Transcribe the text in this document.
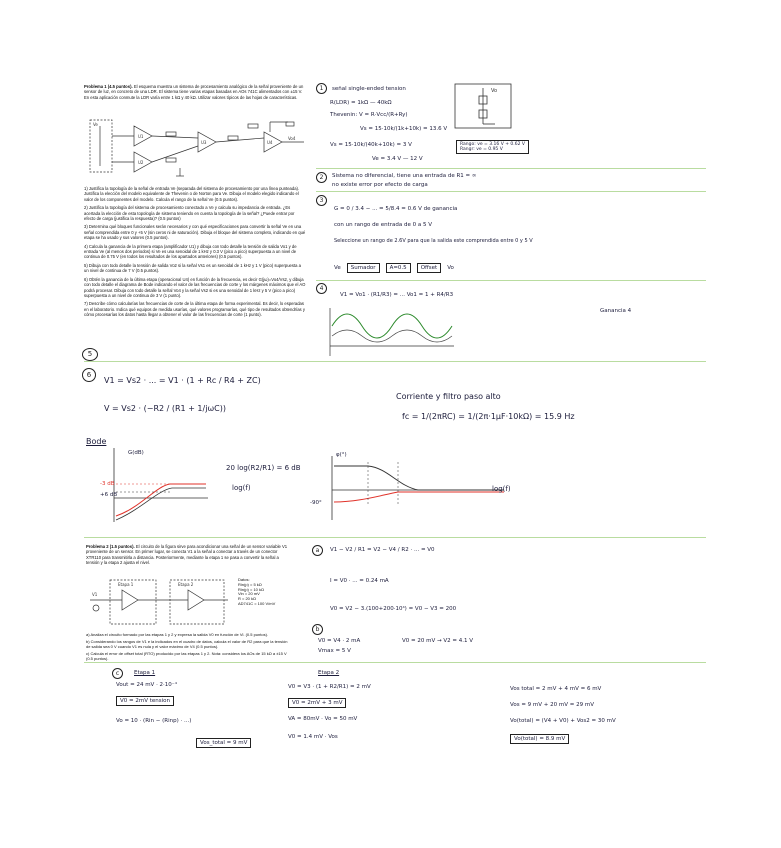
Problema 1 (4.5 puntos). El esquema muestra un sistema de procesamiento analógico de la señal proveniente de un sensor de luz, en concreto de una LDR. El sistema tiene varias etapas basadas en AOs 741C alimentados con ±15 V. En esta aplicación conmute la LDR varía entre 1 kΩ y 40 kΩ. Utilizar valores típicos de las hojas de características.
Ve
U1
U2
U3	U4
Vo4

1) Justifica la topología de la señal de entrada Ve (separada del sistema de procesamiento por una línea punteada). Justifica la elección del modelo equivalente de Thevenin o de Norton para Ve. Dibuja el modelo elegido indicando el valor de los componentes del modelo. Calcula el rango de la señal Ve (0.5 puntos).

2) Justifica la topología del sistema de procesamiento conectado a Ve y calcula su impedancia de entrada. ¿Es acertada la elección de esta topología de sistema teniendo en cuenta la topología de la señal? ¿Puede entrar por efecto de carga (justifica la respuesta)? (0.5 puntos)

3) Determina qué bloques funcionales serán necesarios y con qué especificaciones para convertir la señal Ve en una señal comprendida entre 0 y +5 V (sin ceros ni de saturación). Dibuja el bloque del sistema completo, indicando en qué etapa se ha usado y sus valores (0.5 puntos).

4) Calcula la ganancia de la primera etapa (amplificador U1) y dibuja con todo detalle la tensión de salida Vo1 y de entrada Ve (al menos dos periodos) si Ve es una senoidal de 1 kHz y 0.3 V (pico a pico) superpuesta a un nivel de continua de 0.75 V (en todos los resultados de los apartados anteriores) (0.5 puntos).

5) Dibuja con todo detalle la tensión de salida Vo2 si la señal Vs1 es un senoidal de 1 kHz y 1 V (pico) superpuesta a un nivel de continua de 7 V (0.5 puntos).

6) Obtén la ganancia de la última etapa (operacional U4) en función de la frecuencia, es decir G(jω)=Vo4/Vs2, y dibuja con todo detalle el diagrama de Bode indicando el valor de las frecuencias de corte y los márgenes máximos que el AO podrá procesar. Dibuja con todo detalle la señal Vo4 y la señal Vs2 si es una senoidal de 1 kHz y 5 V (pico a pico) superpuesta a un nivel de continua de 3 V (1 punto).

7) Describe cómo calcularías las frecuencias de corte de la última etapa de forma experimental. Es decir, lo esperadas en el laboratorio. Indica qué equipos de medida usarías, qué valores programarías, qué tipo de resultados obtendrías y cómo procesarías los datos hasta llegar a obtener el valor de las frecuencias de corte (1 punto).

1	señal single-ended tension
R(LDR) = 1kΩ — 40kΩ
Thevenin: V = R·Vcc/(R+Ry)
Vs = 15·10k/(1k+10k) = 13.6 V
Vs = 15·10k/(40k+10k) = 3 V
Ve = 3.4 V — 12 V
Vo
Rango: ve = 3.16 V + 0.62 V
Rangr: ve = 0.95 V
2	Sistema no diferencial, tiene una entrada de R1 = ∞
no existe error por efecto de carga
3
G = 0 / 3.4 − ... = 5/8.4 = 0.6 V de ganancia
con un rango de entrada de 0 a 5 V
Seleccione un rango de 2.6V para que la salida este comprendida entre 0 y 5 V
Ve	Sumador	A=0.5	Offset	Vo
4
V1 = Vo1 · (R1/R3) = ... Vo1 = 1 + R4/R3
Ganancia 4
5
6
V1 = Vs2 · ... = V1 · (1 + Rc / R4 + ZC)
V = Vs2 · (−R2 / (R1 + 1/jωC))
Corriente y filtro paso alto
fc = 1/(2πRC) = 1/(2π·1μF·10kΩ) = 15.9 Hz
Bode
G(dB)
-3 dB
+6 dB
20 log(R2/R1) = 6 dB
log(f)
φ(°)
-90°
log(f)
Problema 2 (1.5 puntos). El circuito de la figura sirve para acondicionar una señal de un sensor variable V1 proveniente de un sensor. En primer lugar, se conecta V1 a la señal a conectar a través de un conector XTR110 para transmitirla a distancia. Posteriormente, mediante la etapa 1 se pasa a convertir la señal a tensión y la etapa 2 ajusta el nivel.
V1
Etapa 1	Etapa 2
Datos:
Rin(p) = 5 kΩ
Rin(p) = 10 kΩ
Vin = 20 mV
R = 20 kΩ
AD741C = 100 V/mV

a) Analiza el circuito formado por las etapas 1 y 2 y expresa la salida V0 en función de Vi. (0.5 puntos).

b) Considerando los rangos de V1 e la indicados en el cuadro de datos, calcula el valor de R2 para que la tensión de salida sea 0 V cuando V1 es nula y el valor máximo de V4 (0.5 puntos).

c) Calcula el error de offset total (RTO) producido por las etapas 1 y 2. Nota: considera los AOs de 15 kΩ a ±15 V (0.5 puntos).

a	V1 − V2 / R1 = V2 − V4 / R2 · ... = V0
I = V0 · ... = 0.24 mA
V0 = V2 − 3.(100+200·10⁴) = V0 − V3 = 200
b
V0 = V4 · 2 mA	V0 = 20 mV → V2 = 4.1 V
Vmax = 5 V
c	Etapa 1
Vout = 24 mV · 2·10⁻⁴
V0 = 2mV tension
Vo = 10 · (Rin − (Rinp) · ...)
Vos_total = 9 mV
Etapa 2
V0 = V3 · (1 + R2/R1) = 2 mV
V0 = 2mV + 3 mV
VA = 80mV · Vo = 50 mV
V0 = 1.4 mV · Vos
Vos total = 2 mV + 4 mV = 6 mV
Vos = 9 mV + 20 mV = 29 mV
Vo(total) = (V4 + V0) + Vos2 = 30 mV
Vo(total) = 8.9 mV
